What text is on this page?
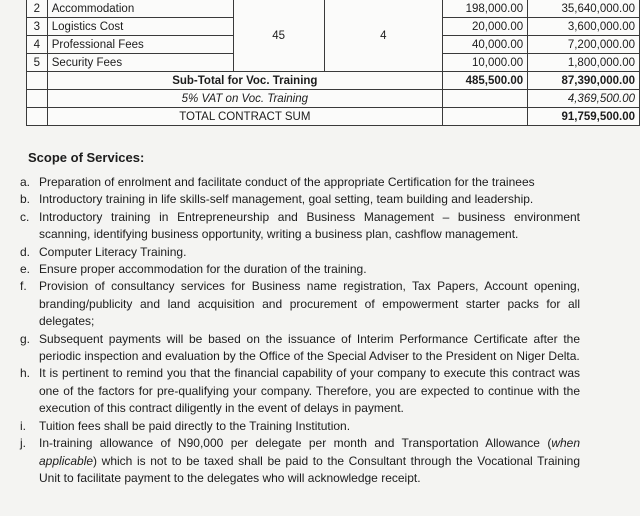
2	Accommodation	45	4	198,000.00	35,640,000.00
3	Logistics Cost			20,000.00	3,600,000.00
4	Professional Fees			40,000.00	7,200,000.00
5	Security Fees			10,000.00	1,800,000.00
	Sub-Total for Voc. Training			485,500.00	87,390,000.00
	5% VAT on Voc. Training				4,369,500.00
	TOTAL CONTRACT SUM				91,759,500.00
Scope of Services:
a. Preparation of enrolment and facilitate conduct of the appropriate Certification for the trainees
b. Introductory training in life skills-self management, goal setting, team building and leadership.
c. Introductory training in Entrepreneurship and Business Management – business environment scanning, identifying business opportunity, writing a business plan, cashflow management.
d. Computer Literacy Training.
e. Ensure proper accommodation for the duration of the training.
f.	Provision of consultancy services for Business name registration, Tax Papers, Account opening, branding/publicity and land acquisition and procurement of empowerment starter packs for all delegates;
g. Subsequent payments will be based on the issuance of Interim Performance Certificate after the periodic inspection and evaluation by the Office of the Special Adviser to the President on Niger Delta.
h. It is pertinent to remind you that the financial capability of your company to execute this contract was one of the factors for pre-qualifying your company. Therefore, you are expected to continue with the execution of this contract diligently in the event of delays in payment.
i.	Tuition fees shall be paid directly to the Training Institution.
j.	In-training allowance of N90,000 per delegate per month and Transportation Allowance (when applicable) which is not to be taxed shall be paid to the Consultant through the Vocational Training Unit to facilitate payment to the delegates who will acknowledge receipt.
